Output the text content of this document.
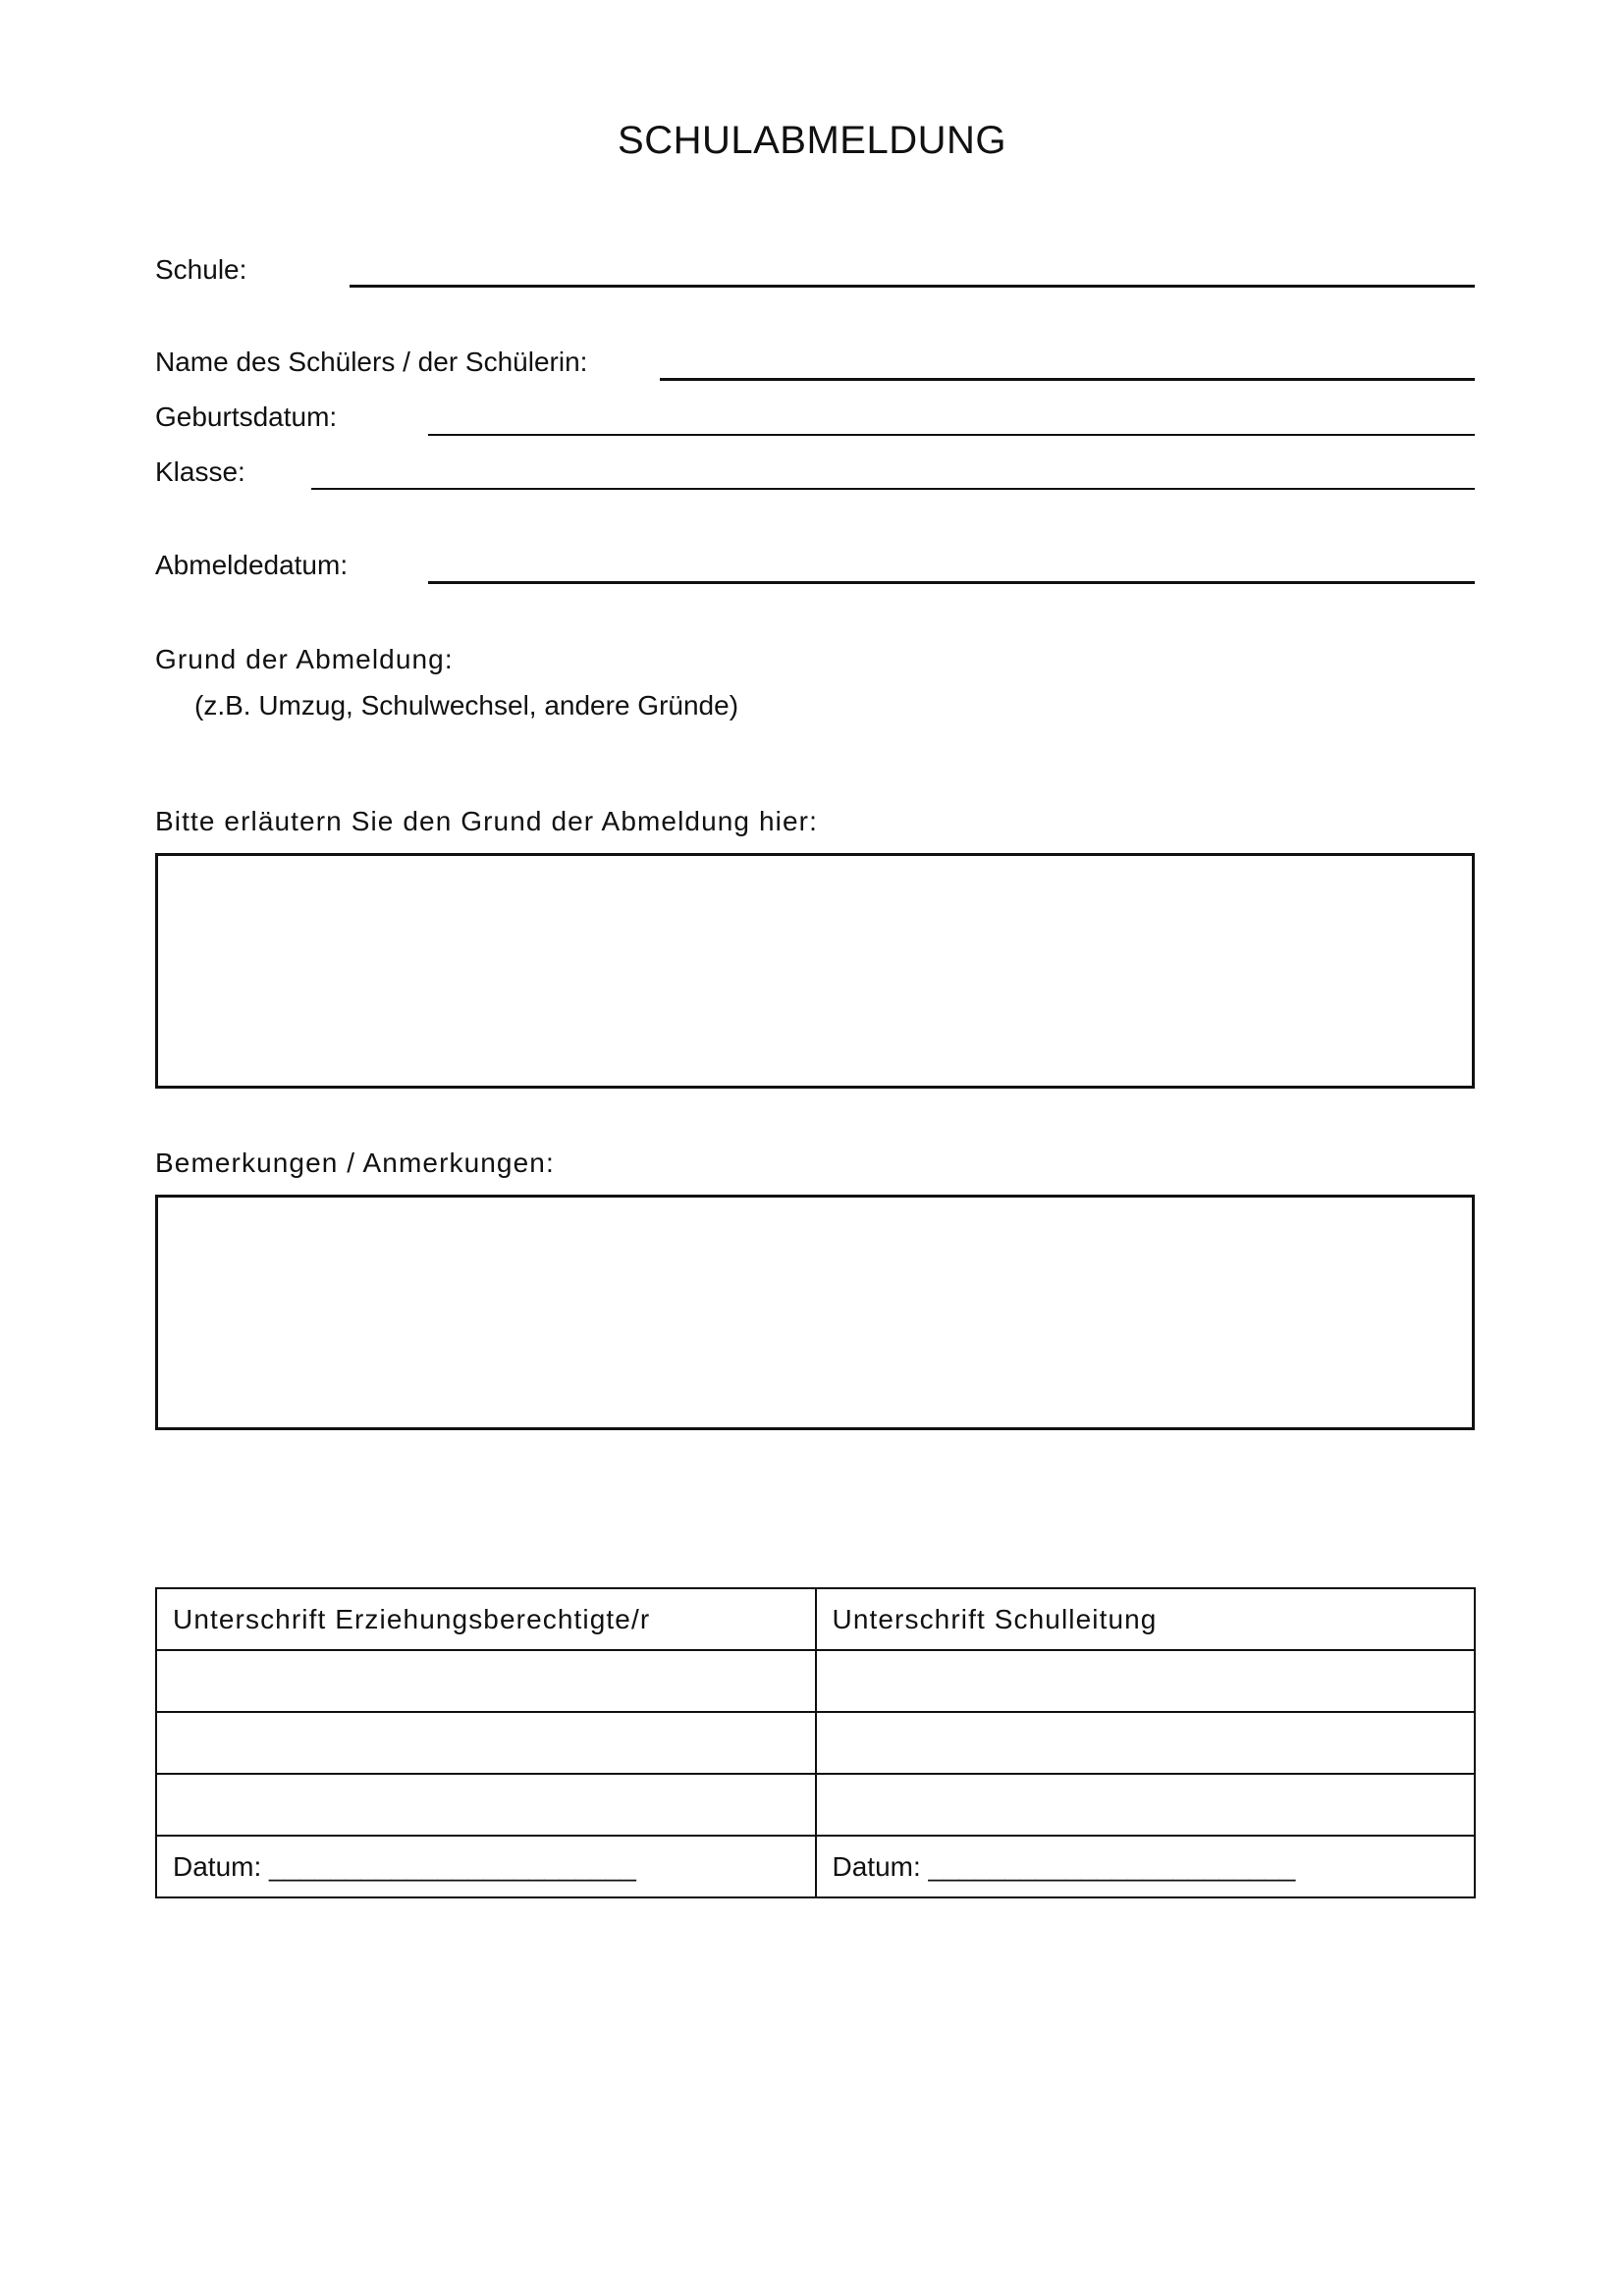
SCHULABMELDUNG
Schule:
Name des Schülers / der Schülerin:
Geburtsdatum:
Klasse:
Abmeldedatum:
Grund der Abmeldung:
(z.B. Umzug, Schulwechsel, andere Gründe)
Bitte erläutern Sie den Grund der Abmeldung hier:
Bemerkungen / Anmerkungen:
Unterschrift Erziehungsberechtigte/r	Unterschrift Schulleitung

Datum: ________________________	Datum: ________________________
